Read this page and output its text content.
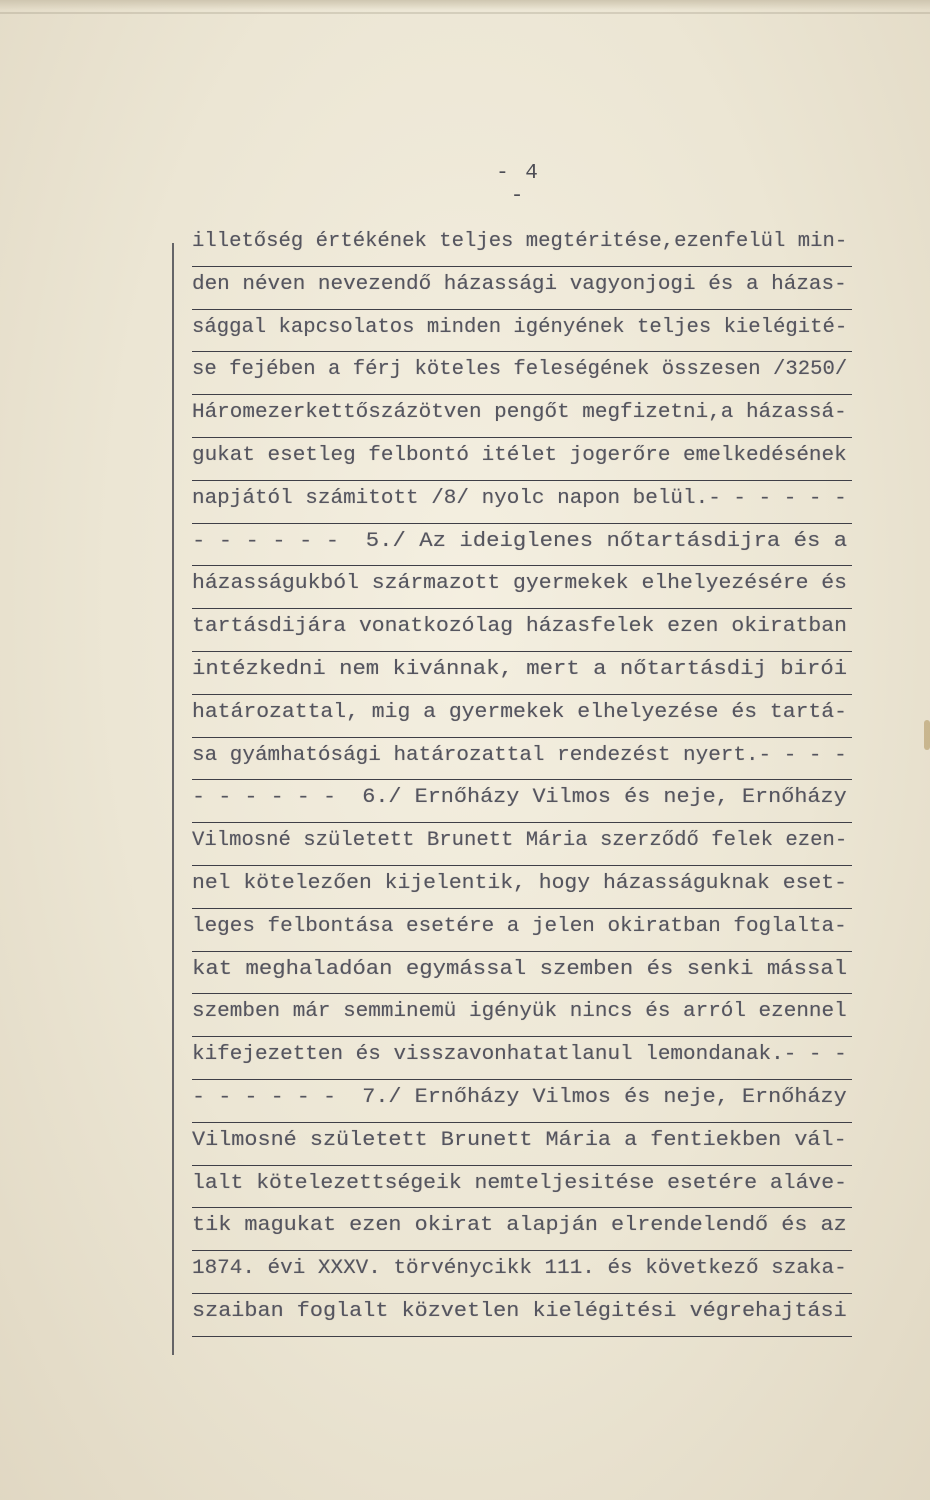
- 4 -
illetőség értékének teljes megtéritése,ezenfelül min-
den néven nevezendő házassági vagyonjogi és a házas-
sággal kapcsolatos minden igényének teljes kielégité-
se fejében a férj köteles feleségének összesen /3250/
Háromezerkettőszázötven pengőt megfizetni,a házassá-
gukat esetleg felbontó itélet jogerőre emelkedésének
napjától számitott /8/ nyolc napon belül.- - - - - -
- - - - - -  5./ Az ideiglenes nőtartásdijra és a
házasságukból származott gyermekek elhelyezésére és
tartásdijára vonatkozólag házasfelek ezen okiratban
intézkedni nem kivánnak, mert a nőtartásdij birói
határozattal, mig a gyermekek elhelyezése és tartá-
sa gyámhatósági határozattal rendezést nyert.- - - -
- - - - - -  6./ Ernőházy Vilmos és neje, Ernőházy
Vilmosné született Brunett Mária szerződő felek ezen-
nel kötelezően kijelentik, hogy házasságuknak eset-
leges felbontása esetére a jelen okiratban foglalta-
kat meghaladóan egymással szemben és senki mással
szemben már semminemü igényük nincs és arról ezennel
kifejezetten és visszavonhatatlanul lemondanak.- - -
- - - - - -  7./ Ernőházy Vilmos és neje, Ernőházy
Vilmosné született Brunett Mária a fentiekben vál-
lalt kötelezettségeik nemteljesitése esetére aláve-
tik magukat ezen okirat alapján elrendelendő és az
1874. évi XXXV. törvénycikk 111. és következő szaka-
szaiban foglalt közvetlen kielégitési végrehajtási
